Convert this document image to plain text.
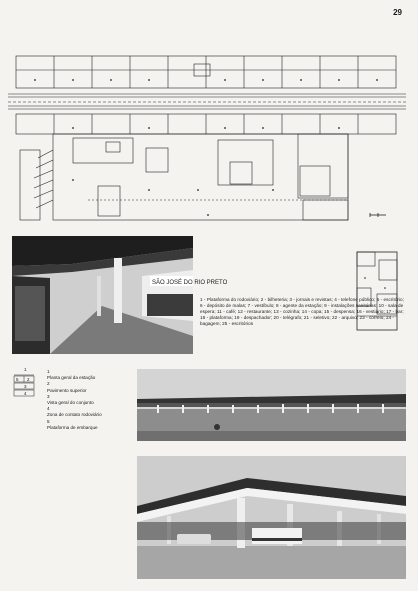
29
SÃO JOSÉ DO RIO PRETO
1 - Plataforma do rodoviário; 2 - bilheteria; 3 - jornais e revistas; 4 - telefone público; 5 - escritório; 6 - depósito de malas; 7 - vestíbulo; 8 - agente da estação; 9 - instalações sanitárias; 10 - sala de espera; 11 - café; 12 - restaurante; 13 - cozinha; 14 - copa; 15 - despensa; 16 - vestiário; 17 - bar; 18 - plataforma; 19 - despachador; 20 - telégrafo; 21 - seletivo; 22 - arquivo; 23 - correio; 24 - bagagem; 25 - escritórios
1
5 2
3
4
1
Planta geral da estação
2
Pavimento superior
3
Vista geral do conjunto
4
Zona de contato rodoviário
5
Plataforma de embarque
